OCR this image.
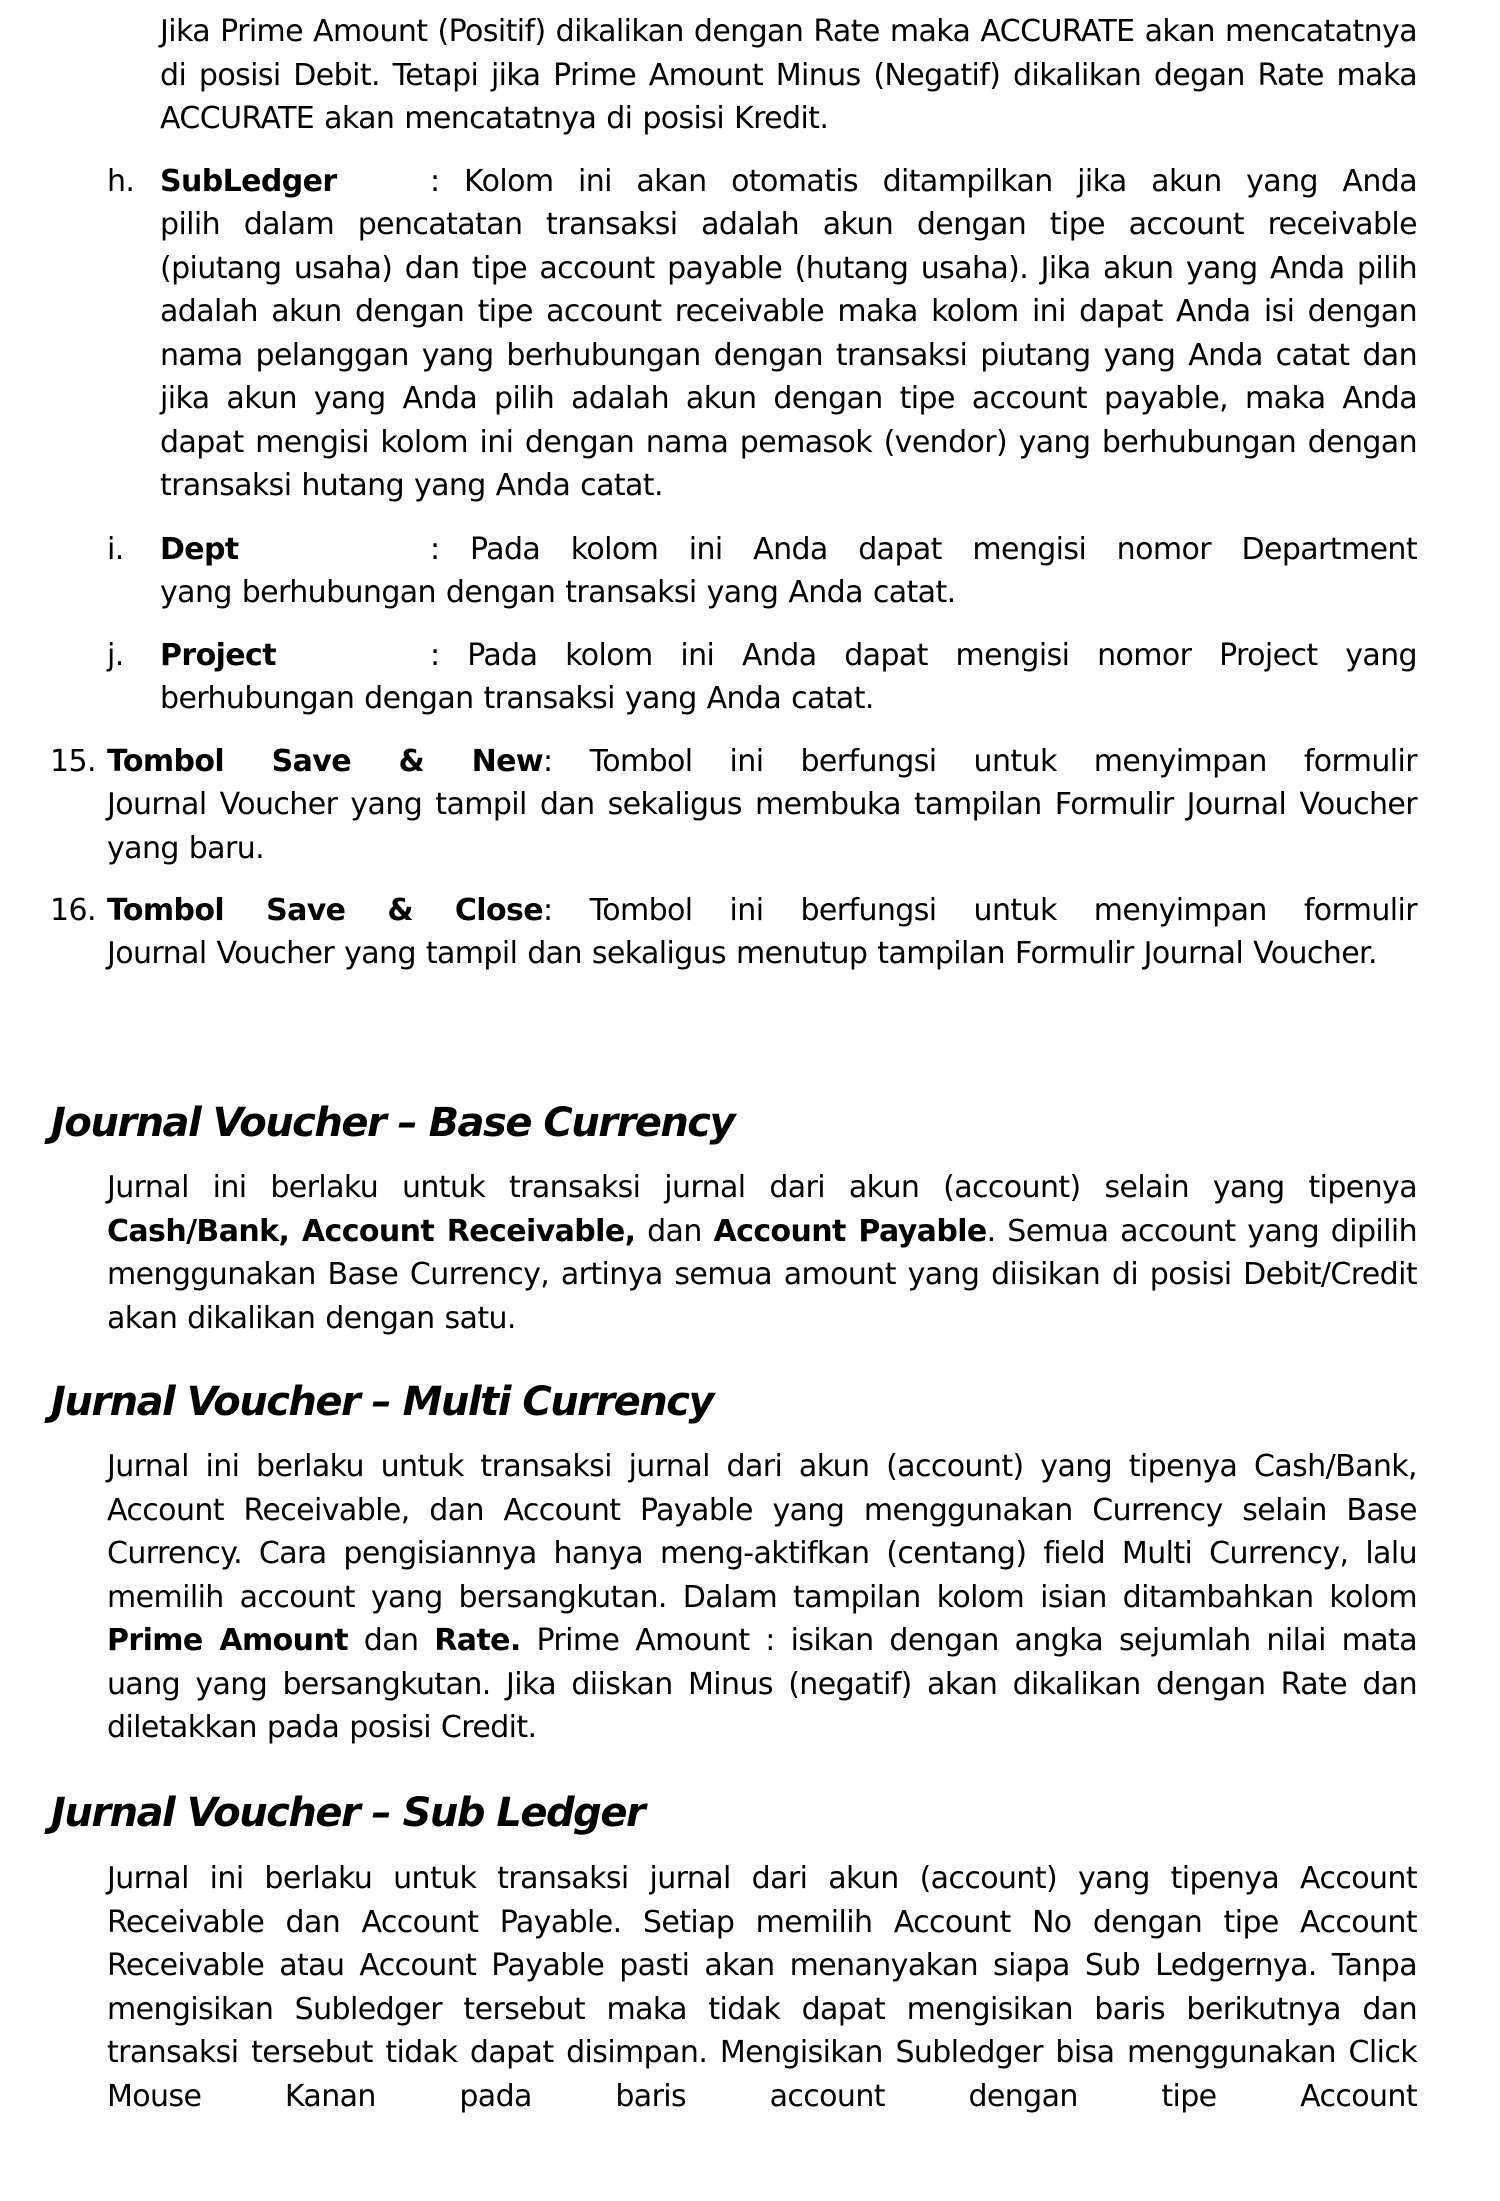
Jika Prime Amount (Positif) dikalikan dengan Rate maka ACCURATE akan mencatatnya di posisi Debit. Tetapi jika Prime Amount Minus (Negatif) dikalikan degan Rate maka ACCURATE akan mencatatnya di posisi Kredit.
h. SubLedger	: Kolom ini akan otomatis ditampilkan jika akun yang Anda
pilih dalam pencatatan transaksi adalah akun dengan tipe account receivable (piutang usaha) dan tipe account payable (hutang usaha). Jika akun yang Anda pilih adalah akun dengan tipe account receivable maka kolom ini dapat Anda isi dengan nama pelanggan yang berhubungan dengan transaksi piutang yang Anda catat dan jika akun yang Anda pilih adalah akun dengan tipe account payable, maka Anda dapat mengisi kolom ini dengan nama pemasok (vendor) yang berhubungan dengan transaksi hutang yang Anda catat.
i. Dept	: Pada kolom ini Anda dapat mengisi nomor Department
yang berhubungan dengan transaksi yang Anda catat.
j. Project	: Pada kolom ini Anda dapat mengisi nomor Project yang
berhubungan dengan transaksi yang Anda catat.
15. Tombol Save & New: Tombol ini berfungsi untuk menyimpan formulir
Journal Voucher yang tampil dan sekaligus membuka tampilan Formulir Journal Voucher yang baru.
16. Tombol Save & Close: Tombol ini berfungsi untuk menyimpan formulir
Journal Voucher yang tampil dan sekaligus menutup tampilan Formulir Journal Voucher.
Journal Voucher – Base Currency
Jurnal ini berlaku untuk transaksi jurnal dari akun (account) selain yang tipenya Cash/Bank, Account Receivable, dan Account Payable. Semua account yang dipilih menggunakan Base Currency, artinya semua amount yang diisikan di posisi Debit/Credit akan dikalikan dengan satu.
Jurnal Voucher – Multi Currency
Jurnal ini berlaku untuk transaksi jurnal dari akun (account) yang tipenya Cash/Bank, Account Receivable, dan Account Payable yang menggunakan Currency selain Base Currency. Cara pengisiannya hanya meng-aktifkan (centang) field Multi Currency, lalu memilih account yang bersangkutan. Dalam tampilan kolom isian ditambahkan kolom Prime Amount dan Rate. Prime Amount : isikan dengan angka sejumlah nilai mata uang yang bersangkutan. Jika diiskan Minus (negatif) akan dikalikan dengan Rate dan diletakkan pada posisi Credit.
Jurnal Voucher – Sub Ledger
Jurnal ini berlaku untuk transaksi jurnal dari akun (account) yang tipenya Account Receivable dan Account Payable. Setiap memilih Account No dengan tipe Account Receivable atau Account Payable pasti akan menanyakan siapa Sub Ledgernya. Tanpa mengisikan Subledger tersebut maka tidak dapat mengisikan baris berikutnya dan transaksi tersebut tidak dapat disimpan. Mengisikan Subledger bisa menggunakan Click Mouse Kanan pada baris account dengan tipe Account
